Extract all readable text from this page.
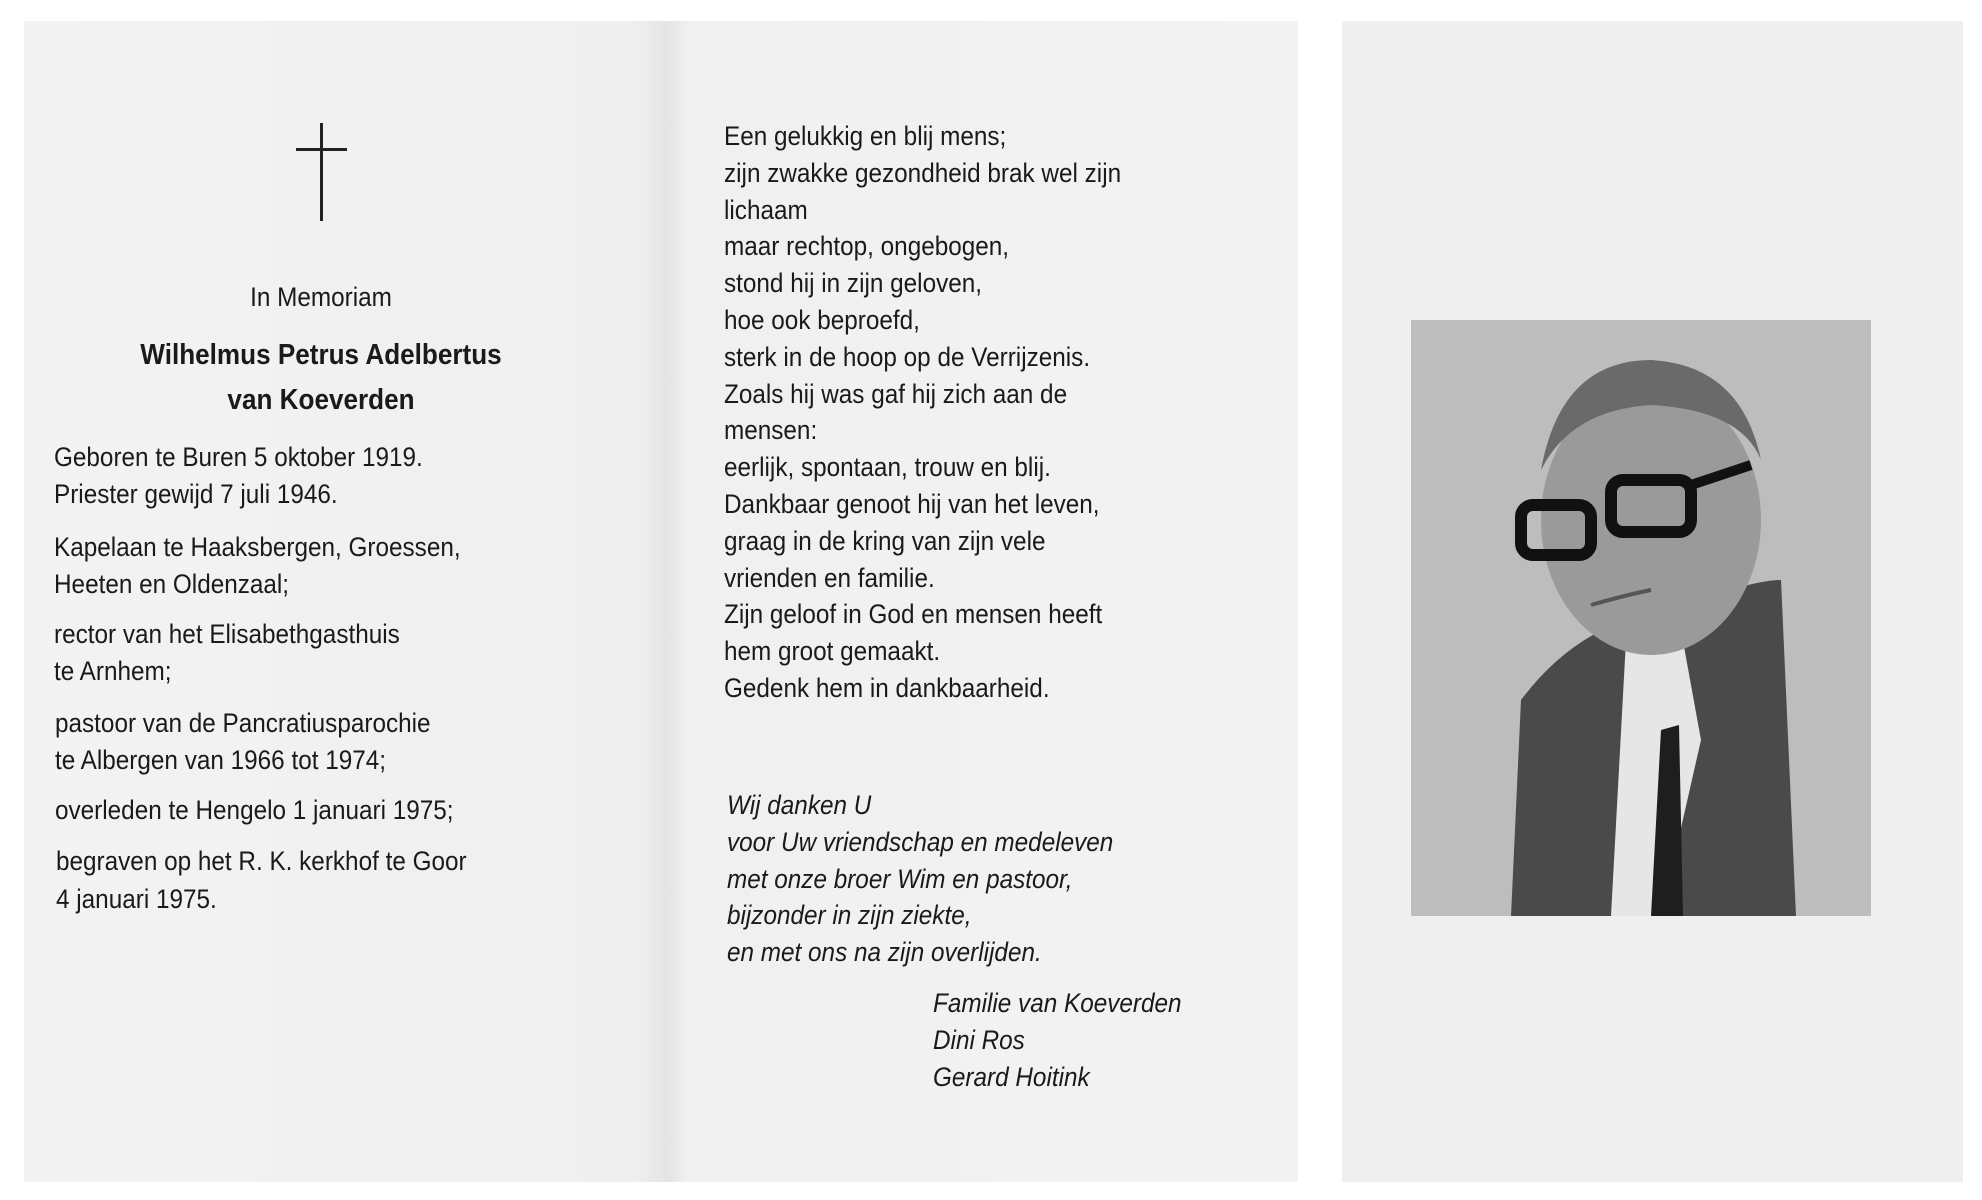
In Memoriam
Wilhelmus Petrus Adelbertus
van Koeverden
Geboren te Buren 5 oktober 1919.
Priester gewijd 7 juli 1946.
Kapelaan te Haaksbergen, Groessen,
Heeten en Oldenzaal;
rector van het Elisabethgasthuis
te Arnhem;
pastoor van de Pancratiusparochie
te Albergen van 1966 tot 1974;
overleden te Hengelo 1 januari 1975;
begraven op het R. K. kerkhof te Goor
4 januari 1975.
Een gelukkig en blij mens;
zijn zwakke gezondheid brak wel zijn
lichaam
maar rechtop, ongebogen,
stond hij in zijn geloven,
hoe ook beproefd,
sterk in de hoop op de Verrijzenis.
Zoals hij was gaf hij zich aan de
mensen:
eerlijk, spontaan, trouw en blij.
Dankbaar genoot hij van het leven,
graag in de kring van zijn vele
vrienden en familie.
Zijn geloof in God en mensen heeft
hem groot gemaakt.
Gedenk hem in dankbaarheid.
Wij danken U
voor Uw vriendschap en medeleven
met onze broer Wim en pastoor,
bijzonder in zijn ziekte,
en met ons na zijn overlijden.
Familie van Koeverden
Dini Ros
Gerard Hoitink
